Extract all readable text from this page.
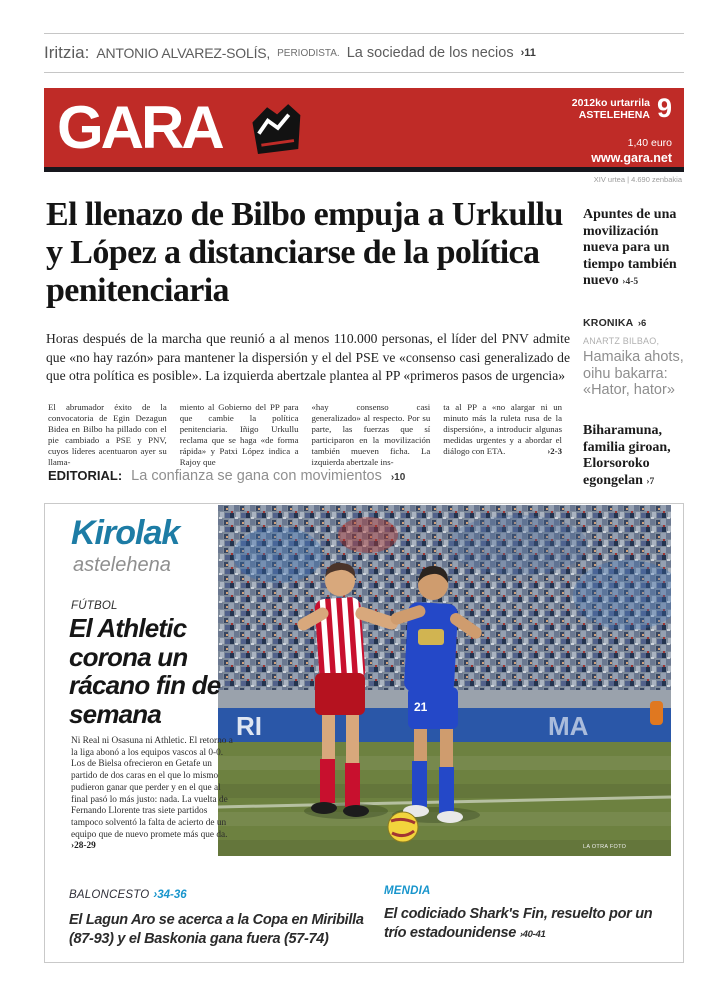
Iritzia: ANTONIO ALVAREZ-SOLÍS, PERIODISTA. La sociedad de los necios ›11
GARA	2012ko urtarrila
ASTELEHENA 9
1,40 euro
www.gara.net
XIV urtea | 4.690 zenbakia
El llenazo de Bilbo empuja a Urkullu y López a distanciarse de la política penitenciaria

Horas después de la marcha que reunió a al menos 110.000 personas, el líder del PNV admite que «no hay razón» para mantener la dispersión y el del PSE ve «consenso casi generalizado de que otra política es posible». La izquierda abertzale plantea al PP «primeros pasos de urgencia»

El abrumador éxito de la convocatoria de Egin Dezagun Bidea en Bilbo ha pillado con el pie cambiado a PSE y PNV, cuyos líderes acentuaron ayer su llama-

miento al Gobierno del PP para que cambie la política penitenciaria. Iñigo Urkullu reclama que se haga «de forma rápida» y Patxi López indica a Rajoy que

«hay consenso casi generalizado» al respecto. Por su parte, las fuerzas que sí participaron en la movilización también mueven ficha. La izquierda abertzale ins-

ta al PP a «no alargar ni un minuto más la ruleta rusa de la dispersión», a introducir algunas medidas urgentes y a abordar el diálogo con ETA.	›2-3

Apuntes de una movilización nueva para un tiempo también nuevo ›4-5
KRONIKA ›6
ANARTZ BILBAO,
Hamaika ahots, oihu bakarra: «Hator, hator»
Biharamuna, familia giroan, Elorsoroko egongelan ›7
EDITORIAL: La confianza se gana con movimientos ›10
RI	MA
21
LA OTRA FOTO
Kirolak
astelehena
FÚTBOL
El Athletic corona un rácano fin de semana

Ni Real ni Osasuna ni Athletic. El retorno a la liga abonó a los equipos vascos al 0-0. Los de Bielsa ofrecieron en Getafe un partido de dos caras en el que lo mismo pudieron ganar que perder y en el que al final pasó lo más justo: nada. La vuelta de Fernando Llorente tras siete partidos tampoco solventó la falta de acierto de un equipo que de nuevo promete más que da. ›28-29

BALONCESTO ›34-36

El Lagun Aro se acerca a la Copa en Miribilla (87-93) y el Baskonia gana fuera (57-74)

MENDIA

El codiciado Shark's Fin, resuelto por un trío estadounidense ›40-41
